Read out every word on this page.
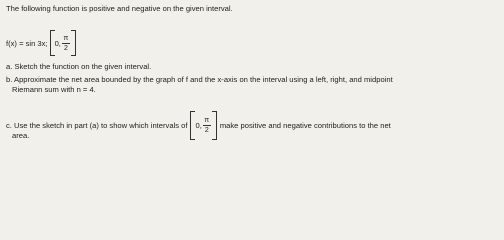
The following function is positive and negative on the given interval.
f(x) = sin 3x; 0, $\frac{\pi}{2}$
a. Sketch the function on the given interval.
b. Approximate the net area bounded by the graph of f and the x-axis on the interval using a left, right, and midpoint
Riemann sum with n = 4.
c. Use the sketch in part (a) to show which intervals of 0, $\frac{\pi}{2}$ make positive and negative contributions to the net
area.
